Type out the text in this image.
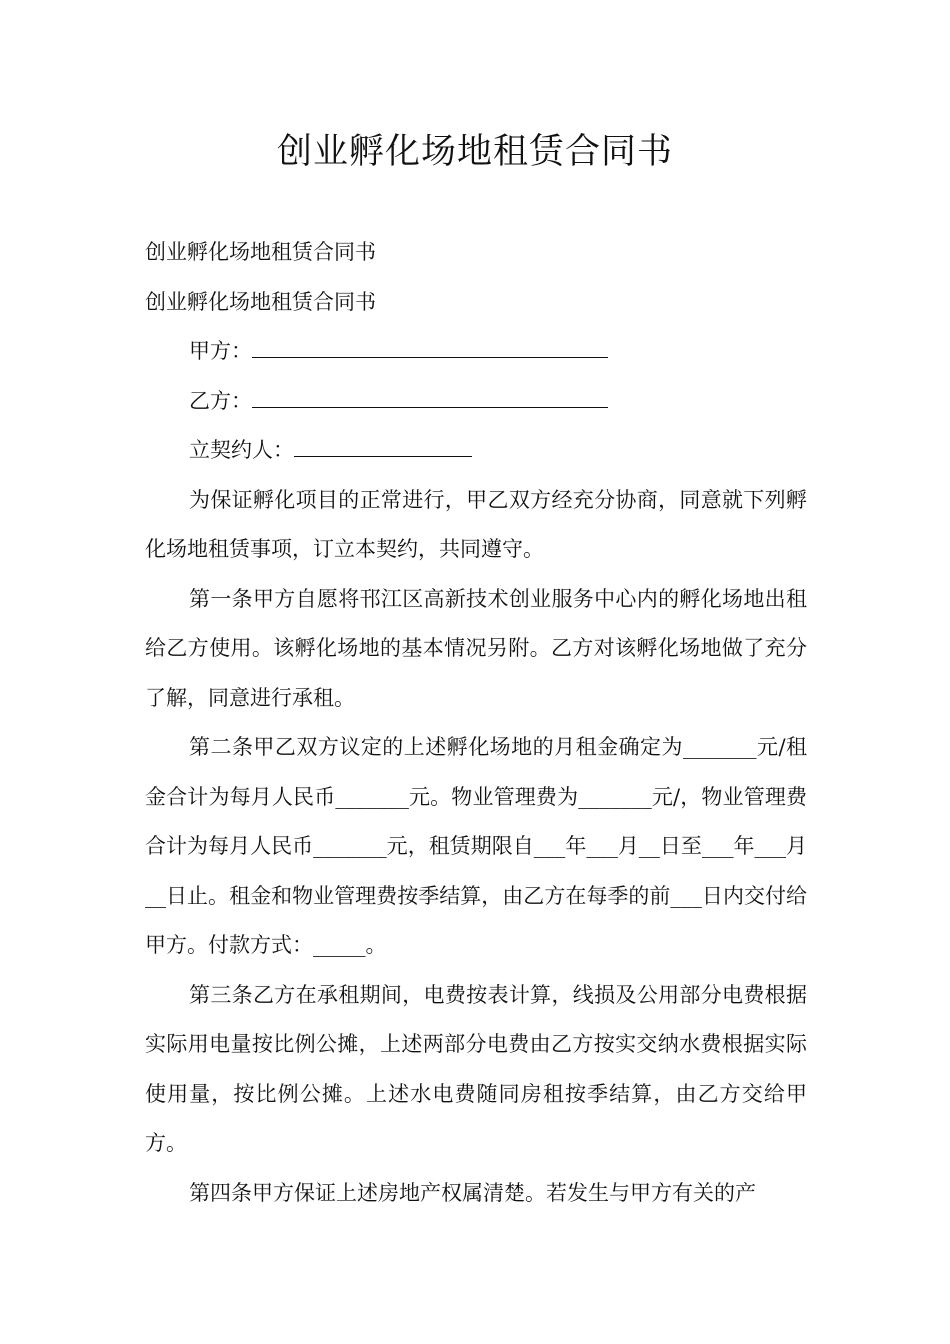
创业孵化场地租赁合同书

创业孵化场地租赁合同书

创业孵化场地租赁合同书

甲方：

乙方：

立契约人：

为保证孵化项目的正常进行，甲乙双方经充分协商，同意就下列孵化场地租赁事项，订立本契约，共同遵守。

第一条甲方自愿将邗江区高新技术创业服务中心内的孵化场地出租给乙方使用。该孵化场地的基本情况另附。乙方对该孵化场地做了充分了解，同意进行承租。

第二条甲乙双方议定的上述孵化场地的月租金确定为_______元/租金合计为每月人民币_______元。物业管理费为_______元/，物业管理费合计为每月人民币_______元，租赁期限自___年___月__日至___年___月__日止。租金和物业管理费按季结算，由乙方在每季的前___日内交付给甲方。付款方式：_____。

第三条乙方在承租期间，电费按表计算，线损及公用部分电费根据实际用电量按比例公摊，上述两部分电费由乙方按实交纳水费根据实际使用量，按比例公摊。上述水电费随同房租按季结算，由乙方交给甲方。

第四条甲方保证上述房地产权属清楚。若发生与甲方有关的产
